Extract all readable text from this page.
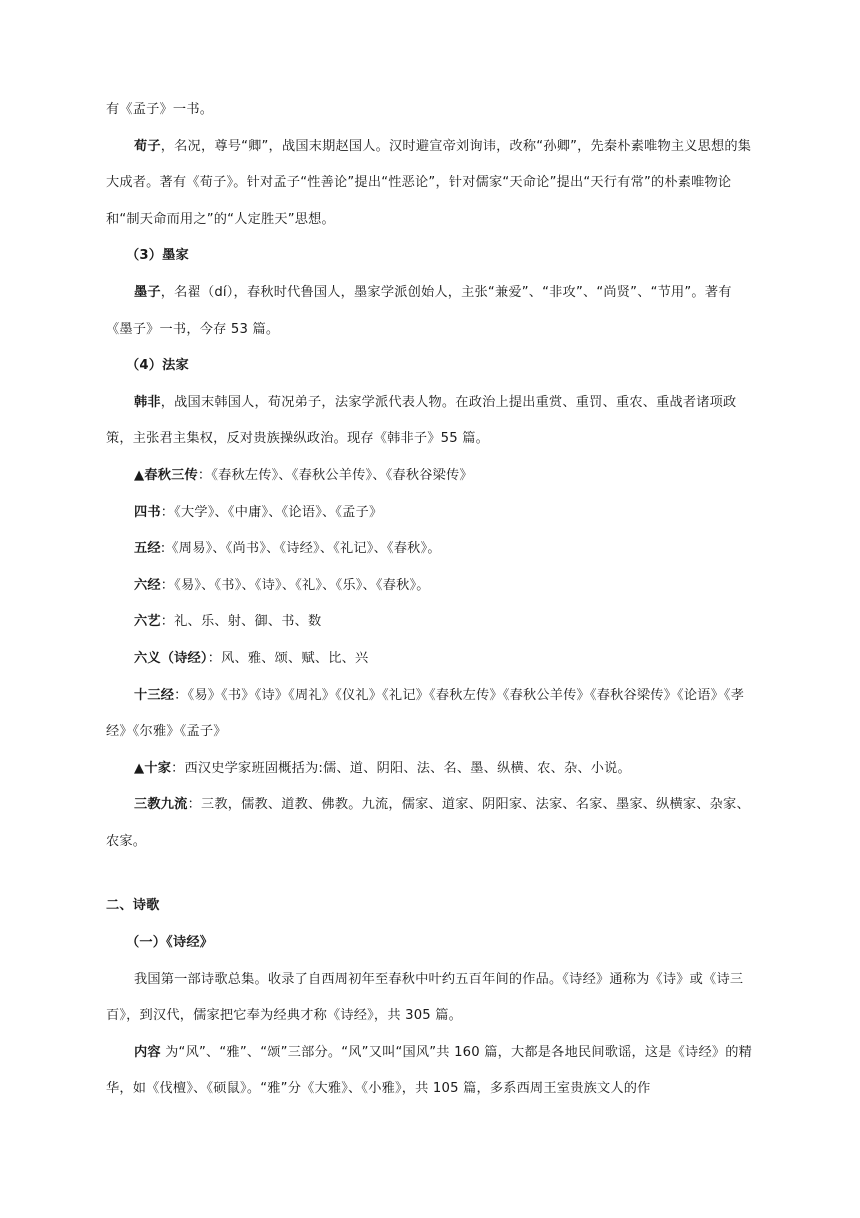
有《孟子》一书。

荀子，名况，尊号“卿”，战国末期赵国人。汉时避宣帝刘询讳，改称“孙卿”，先秦朴素唯物主义思想的集大成者。著有《荀子》。针对孟子“性善论”提出“性恶论”，针对儒家“天命论”提出“天行有常”的朴素唯物论和“制天命而用之”的“人定胜天”思想。

（3）墨家

墨子，名翟（dí），春秋时代鲁国人，墨家学派创始人，主张“兼爱”、“非攻”、“尚贤”、“节用”。著有《墨子》一书，今存 53 篇。

（4）法家

韩非，战国末韩国人，荀况弟子，法家学派代表人物。在政治上提出重赏、重罚、重农、重战者诸项政策，主张君主集权，反对贵族操纵政治。现存《韩非子》55 篇。

▲春秋三传：《春秋左传》、《春秋公羊传》、《春秋谷梁传》

四书：《大学》、《中庸》、《论语》、《孟子》

五经:《周易》、《尚书》、《诗经》、《礼记》、《春秋》。

六经：《易》、《书》、《诗》、《礼》、《乐》、《春秋》。

六艺：礼、乐、射、御、书、数

六义（诗经）：风、雅、颂、赋、比、兴

十三经：《易》《书》《诗》《周礼》《仪礼》《礼记》《春秋左传》《春秋公羊传》《春秋谷梁传》《论语》《孝经》《尔雅》《孟子》

▲十家：西汉史学家班固概括为:儒、道、阴阳、法、名、墨、纵横、农、杂、小说。

三教九流：三教，儒教、道教、佛教。九流，儒家、道家、阴阳家、法家、名家、墨家、纵横家、杂家、农家。

二、诗歌

（一）《诗经》

我国第一部诗歌总集。收录了自西周初年至春秋中叶约五百年间的作品。《诗经》通称为《诗》或《诗三百》，到汉代，儒家把它奉为经典才称《诗经》，共 305 篇。

内容 为“风”、“雅”、“颂”三部分。“风”又叫“国风”共 160 篇，大都是各地民间歌谣，这是《诗经》的精华，如《伐檀》、《硕鼠》。“雅”分《大雅》、《小雅》，共 105 篇，多系西周王室贵族文人的作
